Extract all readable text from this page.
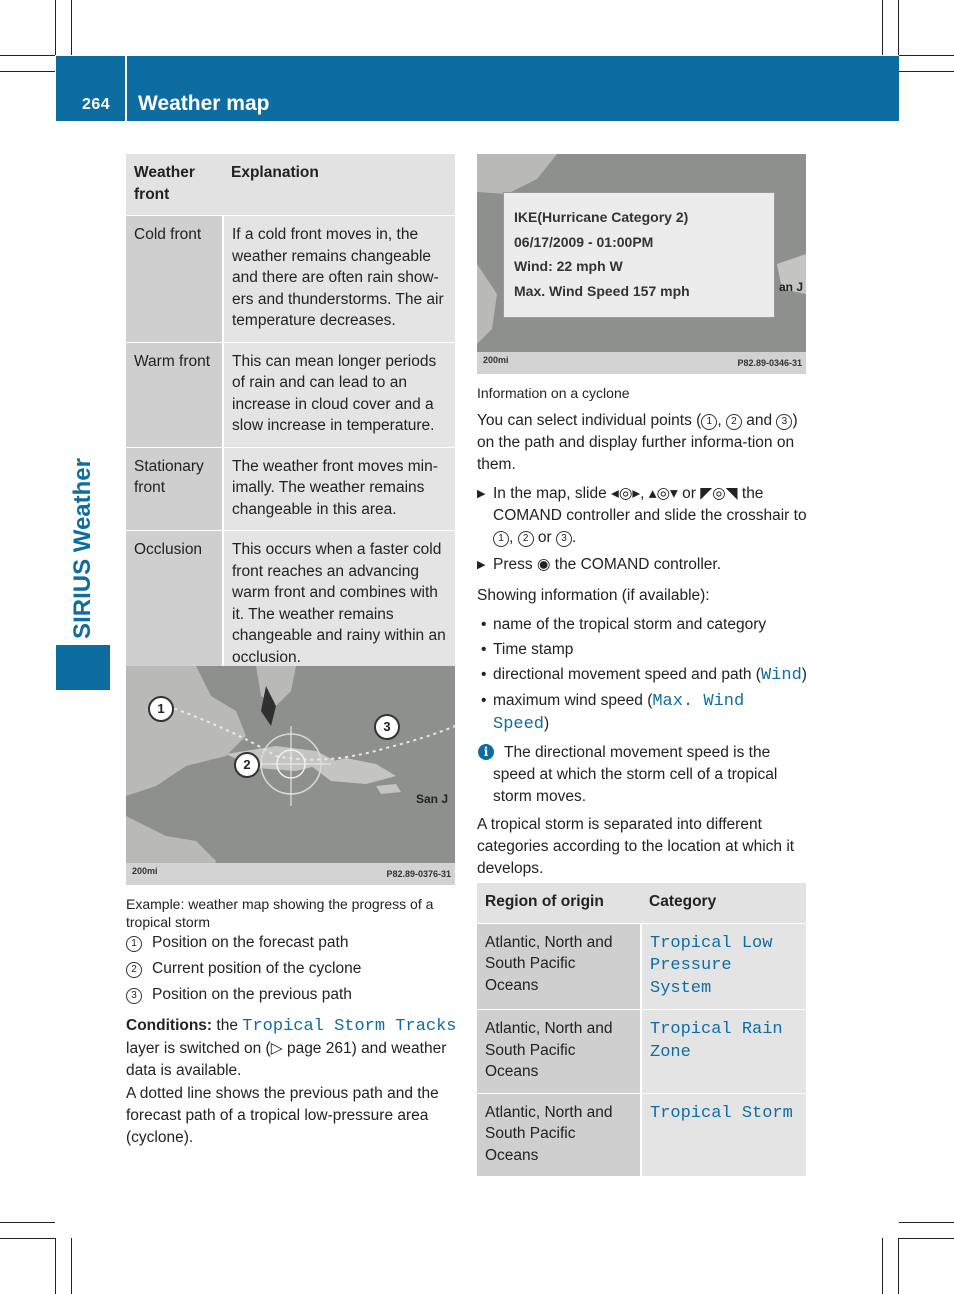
264 Weather map
SIRIUS Weather
Weather front	Explanation
Cold front	If a cold front moves in, the weather remains changeable and there are often rain show-ers and thunderstorms. The air temperature decreases.
Warm front	This can mean longer periods of rain and can lead to an increase in cloud cover and a slow increase in temperature.
Stationary front	The weather front moves min-imally. The weather remains changeable in this area.
Occlusion	This occurs when a faster cold front reaches an advancing warm front and combines with it. The weather remains changeable and rainy within an occlusion.
1
2
3
San J
200mi	P82.89-0376-31
Example: weather map showing the progress of a tropical storm
1 Position on the forecast path
2 Current position of the cyclone
3 Position on the previous path
Conditions: the Tropical Storm Tracks layer is switched on (▷ page 261) and weather data is available.
A dotted line shows the previous path and the forecast path of a tropical low-pressure area (cyclone).
IKE(Hurricane Category 2)
06/17/2009 - 01:00PM
Wind: 22 mph W
Max. Wind Speed 157 mph	an J
200mi	P82.89-0346-31
Information on a cyclone
You can select individual points ( 1 , 2 and 3 ) on the path and display further informa-tion on them.
▶ In the map, slide ◂◎▸, ▴◎▾ or ◤◎◥ the COMAND controller and slide the crosshair to 1 , 2 or 3 .
▶ Press ◉ the COMAND controller.
Showing information (if available):
• name of the tropical storm and category
• Time stamp
• directional movement speed and path (Wind)
• maximum wind speed (Max. Wind Speed)
i	The directional movement speed is the speed at which the storm cell of a tropical storm moves.
A tropical storm is separated into different categories according to the location at which it develops.
Region of origin	Category
Atlantic, North and South Pacific Oceans	Tropical Low Pressure System
Atlantic, North and South Pacific Oceans	Tropical Rain Zone
Atlantic, North and South Pacific Oceans	Tropical Storm
